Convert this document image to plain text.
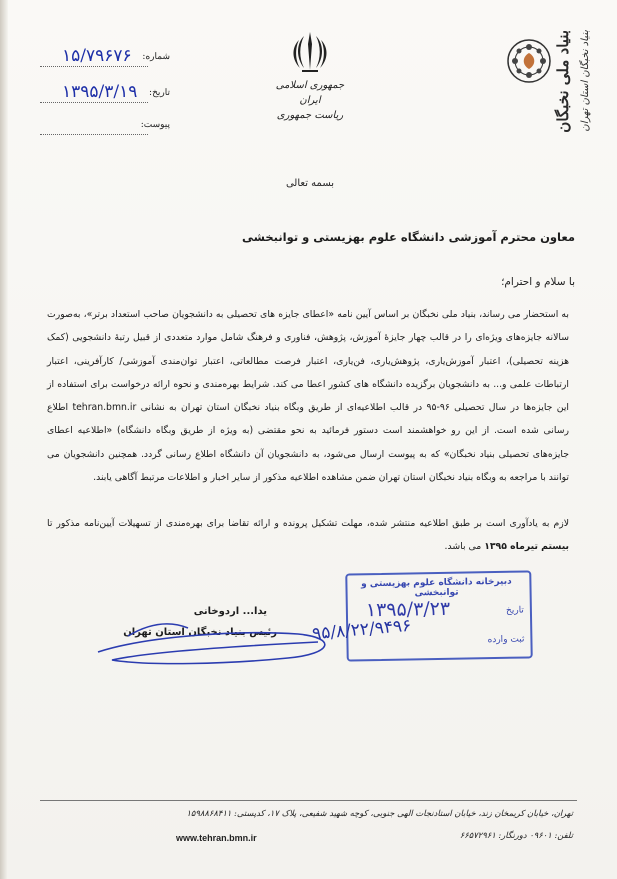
شماره:
۱۵/۷۹۶۷۶
تاریخ:
۱۳۹۵/۳/۱۹
پیوست:
جمهوری اسلامی ایران
ریاست جمهوری	بنیاد ملی نخبگان بنیاد نخبگان استان تهران
بسمه تعالی
معاون محترم آموزشی دانشگاه علوم بهزیستی و توانبخشی
با سلام و احترام؛
به استحضار می رساند، بنیاد ملی نخبگان بر اساس آیین نامه «اعطای جایزه های تحصیلی به دانشجویان صاحب استعداد برتر»، به‌صورت سالانه جایزه‌های ویژه‌ای را در قالب چهار جایزهٔ آموزش، پژوهش، فناوری و فرهنگ شامل موارد متعددی از قبیل رتبهٔ دانشجویی (کمک هزینه تحصیلی)، اعتبار آموزش‌یاری، پژوهش‌یاری، فن‌یاری، اعتبار فرصت مطالعاتی، اعتبار توان‌مندی آموزشی/ کارآفرینی، اعتبار ارتباطات علمی و... به دانشجویان برگزیده دانشگاه های کشور اعطا می کند. شرایط بهره‌مندی و نحوه ارائه درخواست برای استفاده از این جایزه‌ها در سال تحصیلی ۹۶-۹۵ در قالب اطلاعیه‌ای از طریق وبگاه بنیاد نخبگان استان تهران به نشانی tehran.bmn.ir اطلاع رسانی شده است. از این رو خواهشمند است دستور فرمائید به نحو مقتضی (به ویژه از طریق وبگاه دانشگاه) «اطلاعیه اعطای جایزه‌های تحصیلی بنیاد نخبگان» که به پیوست ارسال می‌شود، به دانشجویان آن دانشگاه اطلاع رسانی گردد. همچنین دانشجویان می توانند با مراجعه به وبگاه بنیاد نخبگان استان تهران ضمن مشاهده اطلاعیه مذکور از سایر اخبار و اطلاعات مرتبط آگاهی یابند.
لازم به یادآوری است بر طبق اطلاعیه منتشر شده، مهلت تشکیل پرونده و ارائه تقاضا برای بهره‌مندی از تسهیلات آیین‌نامه مذکور تا بیستم تیرماه ۱۳۹۵ می باشد.
یدا... اردوخانی
رئیس بنیاد نخبگان استان تهران
دبیرخانه دانشگاه علوم بهزیستی و توانبخشی
تاریخ
۱۳۹۵/۳/۲۳
ثبت وارده
۹۵/۸/۲۲/۹۴۹۶
تهران، خیابان کریمخان زند، خیابان استادنجات الهی جنوبی، کوچه شهید شفیعی، پلاک ۱۷، کدپستی: ۱۵۹۸۸۶۸۴۱۱
تلفن: ۰۹۶۰۱ دورنگار: ۶۶۵۷۲۹۶۱
www.tehran.bmn.ir
